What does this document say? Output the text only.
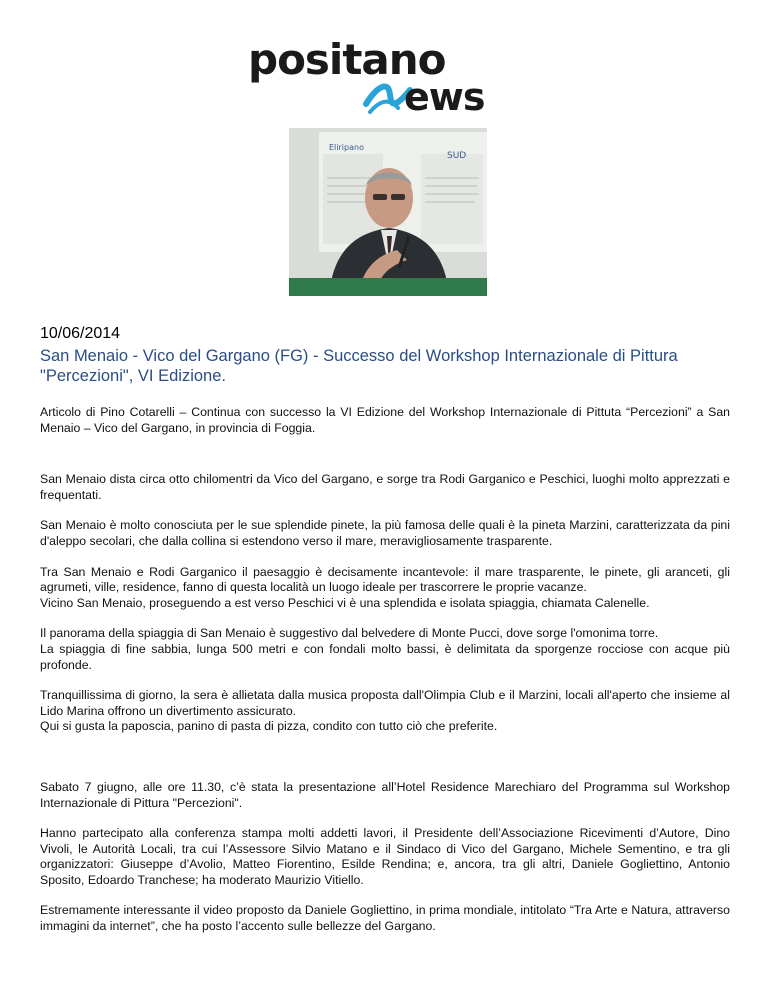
positano
ews
Eliripano
SUD
10/06/2014
San Menaio - Vico del Gargano (FG) - Successo del Workshop Internazionale di Pittura "Percezioni", VI Edizione.

Articolo di Pino Cotarelli – Continua con successo la VI Edizione del Workshop Internazionale di Pittuta “Percezioni” a San Menaio – Vico del Gargano, in provincia di Foggia.

San Menaio dista circa otto chilomentri da Vico del Gargano, e sorge tra Rodi Garganico e Peschici, luoghi molto apprezzati e frequentati.

San Menaio è molto conosciuta per le sue splendide pinete, la più famosa delle quali è la pineta Marzini, caratterizzata da pini d'aleppo secolari, che dalla collina si estendono verso il mare, meravigliosamente trasparente.

Tra San Menaio e Rodi Garganico il paesaggio è decisamente incantevole: il mare trasparente, le pinete, gli aranceti, gli agrumeti, ville, residence, fanno di questa località un luogo ideale per trascorrere le proprie vacanze.

Vicino San Menaio, proseguendo a est verso Peschici vi è una splendida e isolata spiaggia, chiamata Calenelle.

Il panorama della spiaggia di San Menaio è suggestivo dal belvedere di Monte Pucci, dove sorge l'omonima torre.

La spiaggia di fine sabbia, lunga 500 metri e con fondali molto bassi, è delimitata da sporgenze rocciose con acque più profonde.

Tranquillissima di giorno, la sera è allietata dalla musica proposta dall'Olimpia Club e il Marzini, locali all'aperto che insieme al Lido Marina offrono un divertimento assicurato.

Qui si gusta la paposcia, panino di pasta di pizza, condito con tutto ciò che preferite.

Sabato 7 giugno, alle ore 11.30, c’è stata la presentazione all’Hotel Residence Marechiaro del Programma sul Workshop Internazionale di Pittura "Percezioni".

Hanno partecipato alla conferenza stampa molti addetti lavori, il Presidente dell’Associazione Ricevimenti d’Autore, Dino Vivoli, le Autorità Locali, tra cui l’Assessore Silvio Matano e il Sindaco di Vico del Gargano, Michele Sementino, e tra gli organizzatori: Giuseppe d’Avolio, Matteo Fiorentino, Esilde Rendina; e, ancora, tra gli altri, Daniele Gogliettino, Antonio Sposito, Edoardo Tranchese; ha moderato Maurizio Vitiello.

Estremamente interessante il video proposto da Daniele Gogliettino, in prima mondiale, intitolato “Tra Arte e Natura, attraverso immagini da internet”, che ha posto l’accento sulle bellezze del Gargano.
